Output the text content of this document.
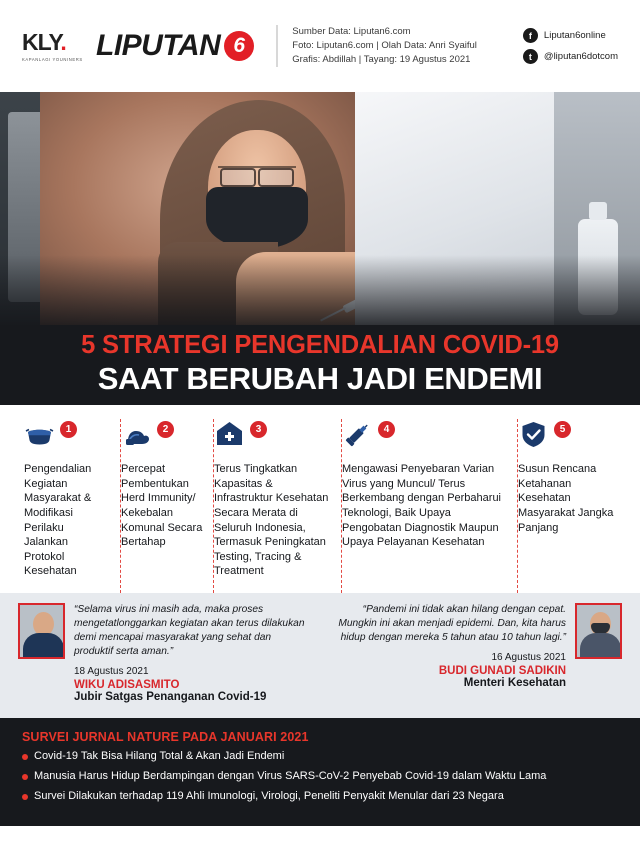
KLY.
KAPANLAGI YOUNINERS LIPUTAN 6
Sumber Data: Liputan6.com
Foto: Liputan6.com | Olah Data: Anri Syaiful
Grafis: Abdillah | Tayang: 19 Agustus 2021
f	Liputan6online
t	@liputan6dotcom
5 STRATEGI PENGENDALIAN COVID-19
SAAT BERUBAH JADI ENDEMI
1
Pengendalian Kegiatan Masyarakat & Modifikasi Perilaku Jalankan Protokol Kesehatan
2
Percepat Pembentukan Herd Immunity/ Kekebalan Komunal Secara Bertahap
3
Terus Tingkatkan Kapasitas & Infrastruktur Kesehatan Secara Merata di Seluruh Indonesia, Termasuk Peningkatan Testing, Tracing & Treatment
4
Mengawasi Penyebaran Varian Virus yang Muncul/ Terus Berkembang dengan Perbaharui Teknologi, Baik Upaya Pengobatan Diagnostik Maupun Upaya Pelayanan Kesehatan
5
Susun Rencana Ketahanan Kesehatan Masyarakat Jangka Panjang
“Selama virus ini masih ada, maka proses mengetatlonggarkan kegiatan akan terus dilakukan demi mencapai masyarakat yang sehat dan produktif serta aman.”
18 Agustus 2021
WIKU ADISASMITO
Jubir Satgas Penanganan Covid-19
“Pandemi ini tidak akan hilang dengan cepat. Mungkin ini akan menjadi epidemi. Dan, kita harus hidup dengan mereka 5 tahun atau 10 tahun lagi.”
16 Agustus 2021
BUDI GUNADI SADIKIN
Menteri Kesehatan
SURVEI JURNAL NATURE PADA JANUARI 2021
Covid-19 Tak Bisa Hilang Total & Akan Jadi Endemi
Manusia Harus Hidup Berdampingan dengan Virus SARS-CoV-2 Penyebab Covid-19 dalam Waktu Lama
Survei Dilakukan terhadap 119 Ahli Imunologi, Virologi, Peneliti Penyakit Menular dari 23 Negara
